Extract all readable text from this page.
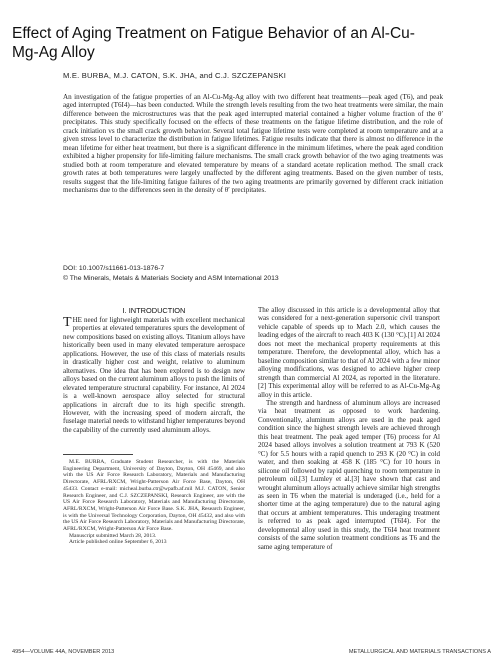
Effect of Aging Treatment on Fatigue Behavior of an Al-Cu-Mg-Ag Alloy
M.E. BURBA, M.J. CATON, S.K. JHA, and C.J. SZCZEPANSKI
An investigation of the fatigue properties of an Al-Cu-Mg-Ag alloy with two different heat treatments—peak aged (T6), and peak aged interrupted (T6I4)—has been conducted. While the strength levels resulting from the two heat treatments were similar, the main difference between the microstructures was that the peak aged interrupted material contained a higher volume fraction of the θ′ precipitates. This study specifically focused on the effects of these treatments on the fatigue lifetime distribution, and the role of crack initiation vs the small crack growth behavior. Several total fatigue lifetime tests were completed at room temperature and at a given stress level to characterize the distribution in fatigue lifetimes. Fatigue results indicate that there is almost no difference in the mean lifetime for either heat treatment, but there is a significant difference in the minimum lifetimes, where the peak aged condition exhibited a higher propensity for life-limiting failure mechanisms. The small crack growth behavior of the two aging treatments was studied both at room temperature and elevated temperature by means of a standard acetate replication method. The small crack growth rates at both temperatures were largely unaffected by the different aging treatments. Based on the given number of tests, results suggest that the life-limiting fatigue failures of the two aging treatments are primarily governed by different crack initiation mechanisms due to the differences seen in the density of θ′ precipitates.
DOI: 10.1007/s11661-013-1876-7
© The Minerals, Metals & Materials Society and ASM International 2013
I. INTRODUCTION

THE need for lightweight materials with excellent mechanical properties at elevated temperatures spurs the development of new compositions based on existing alloys. Titanium alloys have historically been used in many elevated temperature aerospace applications. However, the use of this class of materials results in drastically higher cost and weight, relative to aluminum alternatives. One idea that has been explored is to design new alloys based on the current aluminum alloys to push the limits of elevated temperature structural capability. For instance, Al 2024 is a well-known aerospace alloy selected for structural applications in aircraft due to its high specific strength. However, with the increasing speed of modern aircraft, the fuselage material needs to withstand higher temperatures beyond the capability of the currently used aluminum alloys.

The alloy discussed in this article is a developmental alloy that was considered for a next-generation supersonic civil transport vehicle capable of speeds up to Mach 2.0, which causes the leading edges of the aircraft to reach 403 K (130 °C).[1] Al 2024 does not meet the mechanical property requirements at this temperature. Therefore, the developmental alloy, which has a baseline composition similar to that of Al 2024 with a few minor alloying modifications, was designed to achieve higher creep strength than commercial Al 2024, as reported in the literature.[2] This experimental alloy will be referred to as Al-Cu-Mg-Ag alloy in this article.

The strength and hardness of aluminum alloys are increased via heat treatment as opposed to work hardening. Conventionally, aluminum alloys are used in the peak aged condition since the highest strength levels are achieved through this heat treatment. The peak aged temper (T6) process for Al 2024 based alloys involves a solution treatment at 793 K (520 °C) for 5.5 hours with a rapid quench to 293 K (20 °C) in cold water, and then soaking at 458 K (185 °C) for 10 hours in silicone oil followed by rapid quenching to room temperature in petroleum oil.[3] Lumley et al.[3] have shown that cast and wrought aluminum alloys actually achieve similar high strengths as seen in T6 when the material is underaged (i.e., held for a shorter time at the aging temperature) due to the natural aging that occurs at ambient temperatures. This underaging treatment is referred to as peak aged interrupted (T6I4). For the developmental alloy used in this study, the T6I4 heat treatment consists of the same solution treatment conditions as T6 and the same aging temperature of

M.E. BURBA, Graduate Student Researcher, is with the Materials Engineering Department, University of Dayton, Dayton, OH 45469, and also with the US Air Force Research Laboratory, Materials and Manufacturing Directorate, AFRL/RXCM, Wright-Patterson Air Force Base, Dayton, OH 45433. Contact e-mail: micheal.burba.ctr@wpafb.af.mil M.J. CATON, Senior Research Engineer, and C.J. SZCZEPANSKI, Research Engineer, are with the US Air Force Research Laboratory, Materials and Manufacturing Directorate, AFRL/RXCM, Wright-Patterson Air Force Base. S.K. JHA, Research Engineer, is with the Universal Technology Corporation, Dayton, OH 45432, and also with the US Air Force Research Laboratory, Materials and Manufacturing Directorate, AFRL/RXCM, Wright-Patterson Air Force Base.

Manuscript submitted March 28, 2013.

Article published online September 6, 2013

4954—VOLUME 44A, NOVEMBER 2013	METALLURGICAL AND MATERIALS TRANSACTIONS A
